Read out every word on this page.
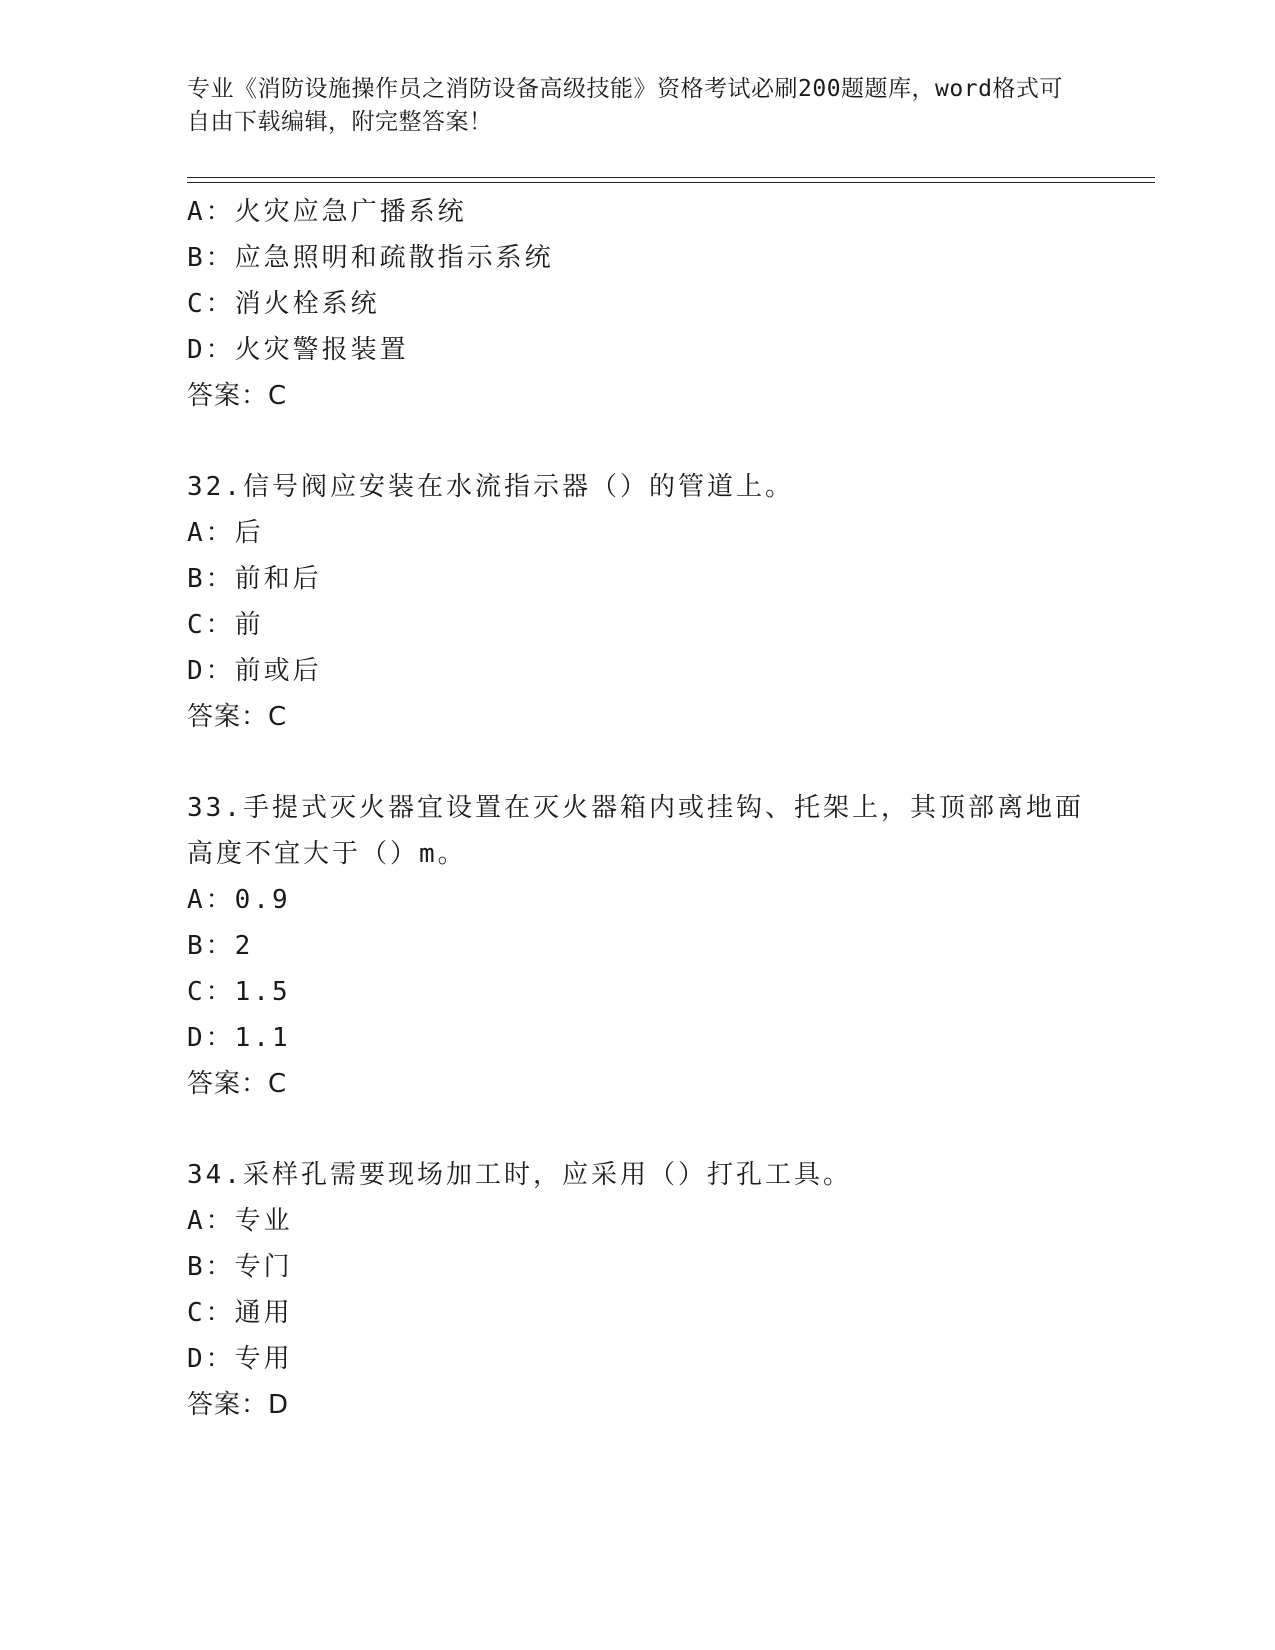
专业《消防设施操作员之消防设备高级技能》资格考试必刷200题题库，word格式可自由下载编辑，附完整答案！
A：火灾应急广播系统
B：应急照明和疏散指示系统
C：消火栓系统
D：火灾警报装置
答案：C
32.信号阀应安装在水流指示器（）的管道上。
A：后
B：前和后
C：前
D：前或后
答案：C
33.手提式灭火器宜设置在灭火器箱内或挂钩、托架上，其顶部离地面
高度不宜大于（）m。
A：0.9
B：2
C：1.5
D：1.1
答案：C
34.采样孔需要现场加工时，应采用（）打孔工具。
A：专业
B：专门
C：通用
D：专用
答案：D
